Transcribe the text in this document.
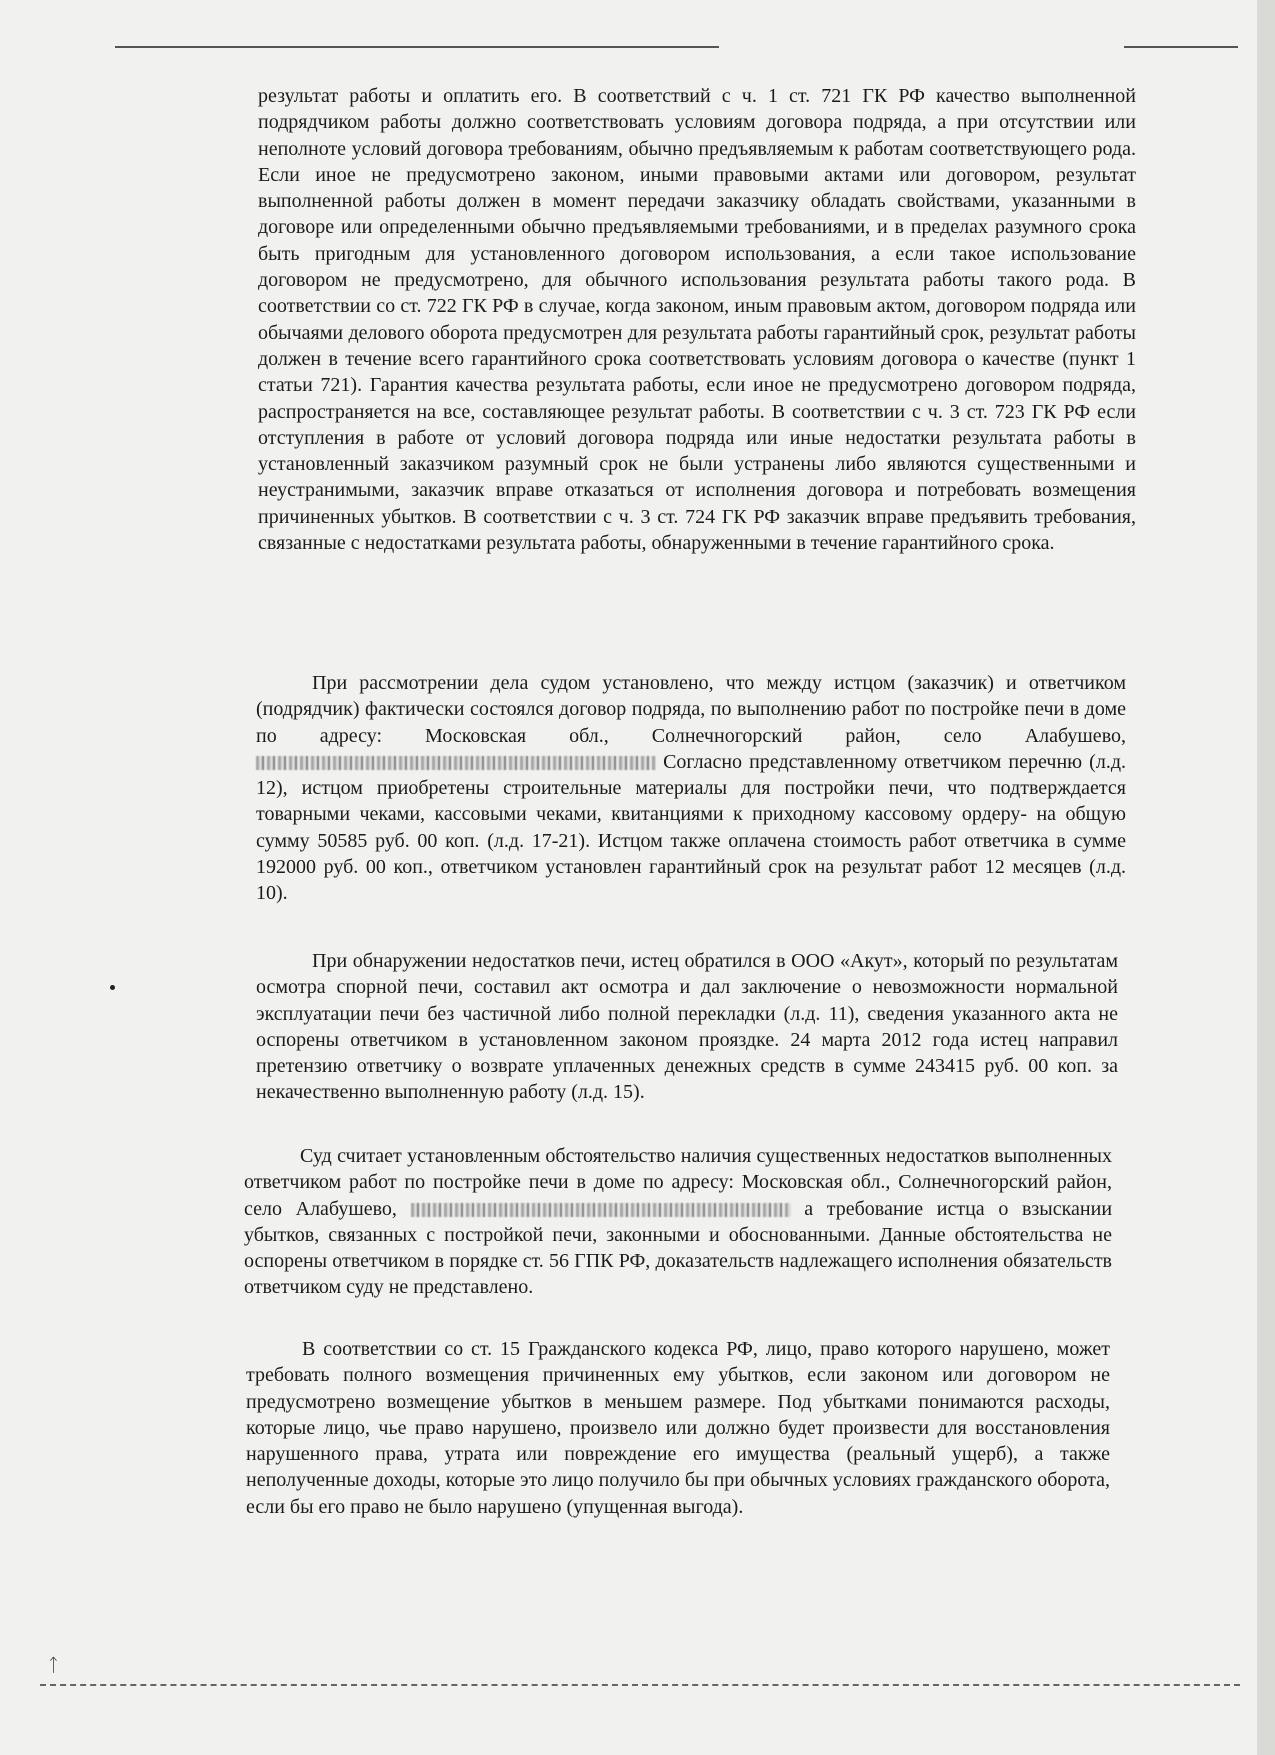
ᛏ

результат работы и оплатить его. В соответствий с ч. 1 ст. 721 ГК РФ качество выполненной подрядчиком работы должно соответствовать условиям договора подряда, а при отсутствии или неполноте условий договора требованиям, обычно предъявляемым к работам соответствующего рода. Если иное не предусмотрено законом, иными правовыми актами или договором, результат выполненной работы должен в момент передачи заказчику обладать свойствами, указанными в договоре или определенными обычно предъявляемыми требованиями, и в пределах разумного срока быть пригодным для установленного договором использования, а если такое использование договором не предусмотрено, для обычного использования результата работы такого рода. В соответствии со ст. 722 ГК РФ в случае, когда законом, иным правовым актом, договором подряда или обычаями делового оборота предусмотрен для результата работы гарантийный срок, результат работы должен в течение всего гарантийного срока соответствовать условиям договора о качестве (пункт 1 статьи 721). Гарантия качества результата работы, если иное не предусмотрено договором подряда, распространяется на все, составляющее результат работы. В соответствии с ч. 3 ст. 723 ГК РФ если отступления в работе от условий договора подряда или иные недостатки результата работы в установленный заказчиком разумный срок не были устранены либо являются существенными и неустранимыми, заказчик вправе отказаться от исполнения договора и потребовать возмещения причиненных убытков. В соответствии с ч. 3 ст. 724 ГК РФ заказчик вправе предъявить требования, связанные с недостатками результата работы, обнаруженными в течение гарантийного срока.

При рассмотрении дела судом установлено, что между истцом (заказчик) и ответчиком (подрядчик) фактически состоялся договор подряда, по выполнению работ по постройке печи в доме по адресу: Московская обл., Солнечногорский район, село Алабушево,  Согласно представленному ответчиком перечню (л.д. 12), истцом приобретены строительные материалы для постройки печи, что подтверждается товарными чеками, кассовыми чеками, квитанциями к приходному кассовому ордеру- на общую сумму 50585 руб. 00 коп. (л.д. 17-21). Истцом также оплачена стоимость работ ответчика в сумме 192000 руб. 00 коп., ответчиком установлен гарантийный срок на результат работ 12 месяцев (л.д. 10).

При обнаружении недостатков печи, истец обратился в ООО «Акут», который по результатам осмотра спорной печи, составил акт осмотра и дал заключение о невозможности нормальной эксплуатации печи без частичной либо полной перекладки (л.д. 11), сведения указанного акта не оспорены ответчиком в установленном законом прояздке. 24 марта 2012 года истец направил претензию ответчику о возврате уплаченных денежных средств в сумме 243415 руб. 00 коп. за некачественно выполненную работу (л.д. 15).

Суд считает установленным обстоятельство наличия существенных недостатков выполненных ответчиком работ по постройке печи в доме по адресу: Московская обл., Солнечногорский район, село Алабушево,	а требование истца о взыскании убытков, связанных с постройкой печи, законными и обоснованными. Данные обстоятельства не оспорены ответчиком в порядке ст. 56 ГПК РФ, доказательств надлежащего исполнения обязательств ответчиком суду не представлено.

В соответствии со ст. 15 Гражданского кодекса РФ, лицо, право которого нарушено, может требовать полного возмещения причиненных ему убытков, если законом или договором не предусмотрено возмещение убытков в меньшем размере. Под убытками понимаются расходы, которые лицо, чье право нарушено, произвело или должно будет произвести для восстановления нарушенного права, утрата или повреждение его имущества (реальный ущерб), а также неполученные доходы, которые это лицо получило бы при обычных условиях гражданского оборота, если бы его право не было нарушено (упущенная выгода).
